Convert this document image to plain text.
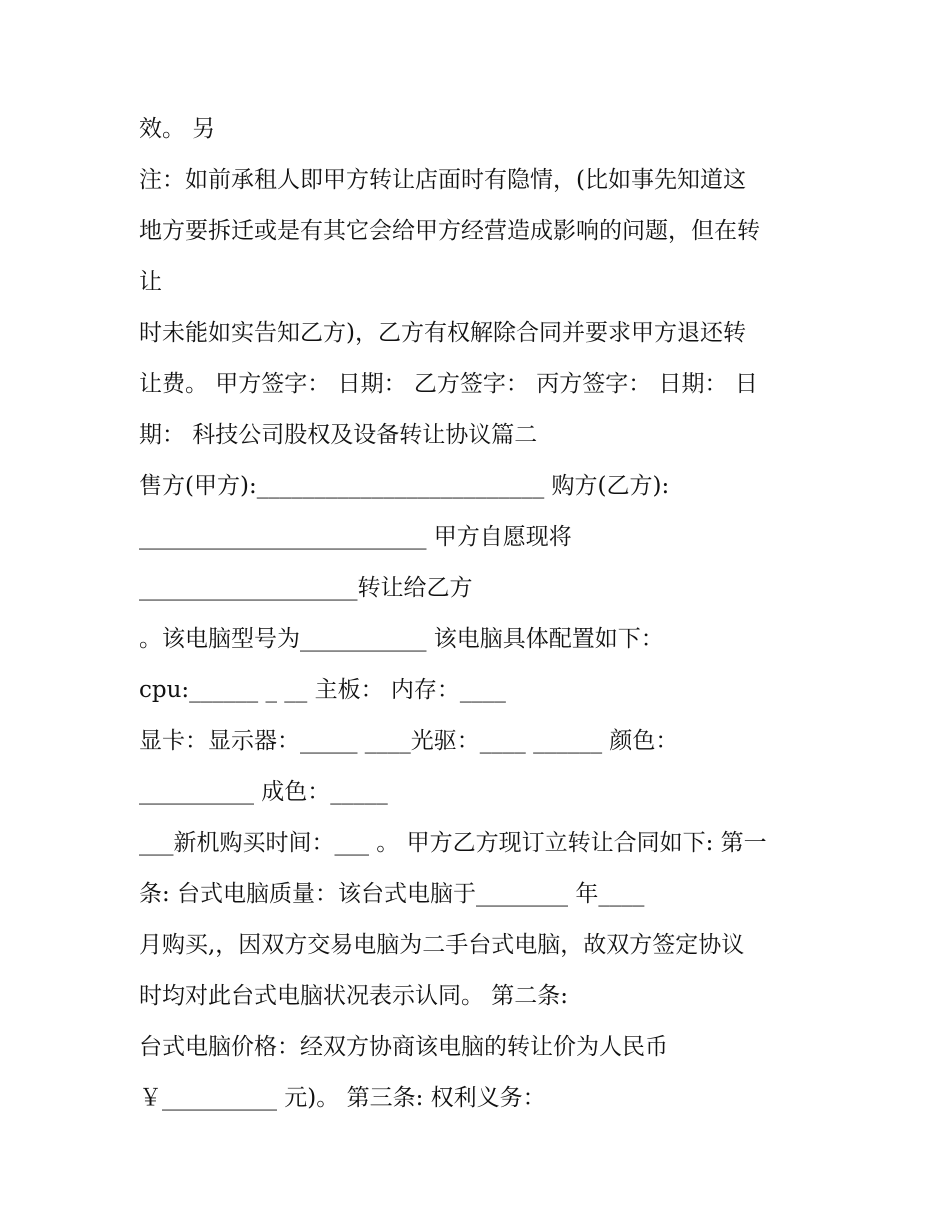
效。 另
注：如前承租人即甲方转让店面时有隐情，(比如事先知道这
地方要拆迁或是有其它会给甲方经营造成影响的问题，但在转
让
时未能如实告知乙方)，乙方有权解除合同并要求甲方退还转
让费。 甲方签字： 日期： 乙方签字： 丙方签字： 日期： 日
期： 科技公司股权及设备转让协议篇二
售方(甲方):_________________________ 购方(乙方):
_________________________ 甲方自愿现将
___________________转让给乙方
。该电脑型号为___________ 该电脑具体配置如下：
cpu:______ _ __ 主板： 内存：____
显卡：显示器：_____ ____光驱：____ ______ 颜色：
__________ 成色：_____
___新机购买时间：___ 。 甲方乙方现订立转让合同如下: 第一
条: 台式电脑质量：该台式电脑于________ 年____
月购买,，因双方交易电脑为二手台式电脑，故双方签定协议
时均对此台式电脑状况表示认同。 第二条:
台式电脑价格：经双方协商该电脑的转让价为人民币
￥__________ 元)。 第三条: 权利义务：
